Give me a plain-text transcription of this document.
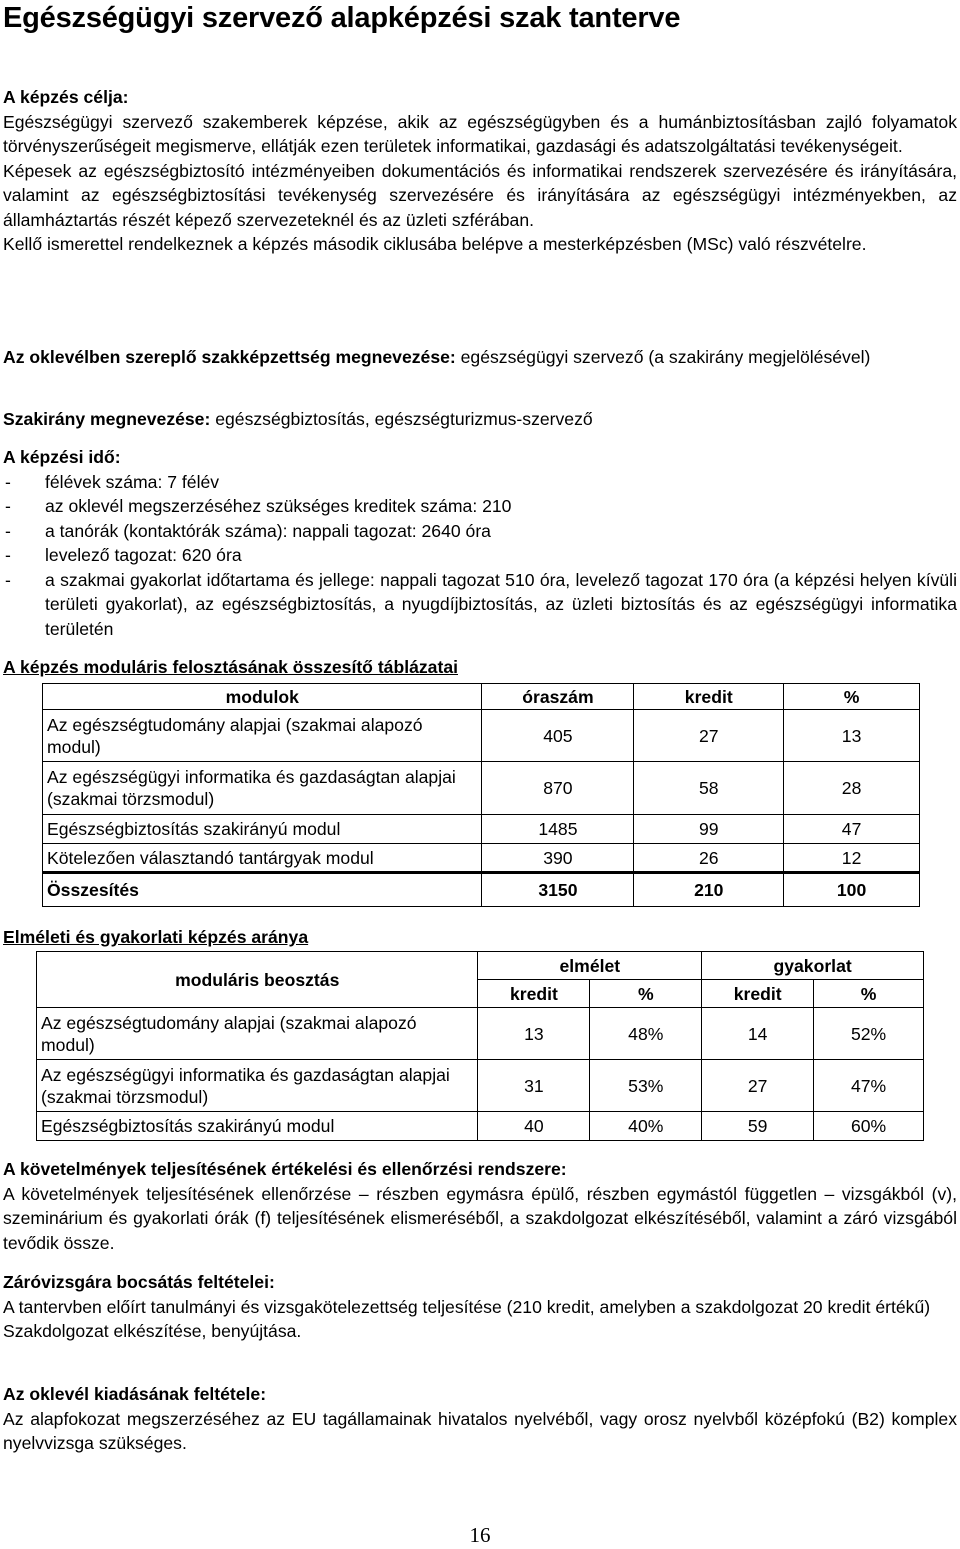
Egészségügyi szervező alapképzési szak tanterve
A képzés célja:
Egészségügyi szervező szakemberek képzése, akik az egészségügyben és a humánbiztosításban zajló folyamatok törvényszerűségeit megismerve, ellátják ezen területek informatikai, gazdasági és adatszolgáltatási tevékenységeit.
Képesek az egészségbiztosító intézményeiben dokumentációs és informatikai rendszerek szervezésére és irányítására, valamint az egészségbiztosítási tevékenység szervezésére és irányítására az egészségügyi intézményekben, az államháztartás részét képező szervezeteknél és az üzleti szférában.
Kellő ismerettel rendelkeznek a képzés második ciklusába belépve a mesterképzésben (MSc) való részvételre.
Az oklevélben szereplő szakképzettség megnevezése: egészségügyi szervező (a szakirány megjelölésével)
Szakirány megnevezése: egészségbiztosítás, egészségturizmus-szervező
A képzési idő:
- félévek száma: 7 félév
- az oklevél megszerzéséhez szükséges kreditek száma: 210
- a tanórák (kontaktórák száma): nappali tagozat: 2640 óra
- levelező tagozat: 620 óra
- a szakmai gyakorlat időtartama és jellege: nappali tagozat 510 óra, levelező tagozat 170 óra (a képzési helyen kívüli területi gyakorlat), az egészségbiztosítás, a nyugdíjbiztosítás, az üzleti biztosítás és az egészségügyi informatika területén
A képzés moduláris felosztásának összesítő táblázatai
modulok	óraszám	kredit	%
Az egészségtudomány alapjai (szakmai alapozó modul)	405	27	13
Az egészségügyi informatika és gazdaságtan alapjai (szakmai törzsmodul)	870	58	28
Egészségbiztosítás szakirányú modul	1485	99	47
Kötelezően választandó tantárgyak modul	390	26	12
Összesítés	3150	210	100
Elméleti és gyakorlati képzés aránya
moduláris beosztás	elmélet		gyakorlat	
	kredit	%	kredit	%
Az egészségtudomány alapjai (szakmai alapozó modul)	13	48%	14	52%
Az egészségügyi informatika és gazdaságtan alapjai (szakmai törzsmodul)	31	53%	27	47%
Egészségbiztosítás szakirányú modul	40	40%	59	60%
A követelmények teljesítésének értékelési és ellenőrzési rendszere:
A követelmények teljesítésének ellenőrzése – részben egymásra épülő, részben egymástól független – vizsgákból (v), szeminárium és gyakorlati órák (f) teljesítésének elismeréséből, a szakdolgozat elkészítéséből, valamint a záró vizsgából tevődik össze.
Záróvizsgára bocsátás feltételei:
A tantervben előírt tanulmányi és vizsgakötelezettség teljesítése (210 kredit, amelyben a szakdolgozat 20 kredit értékű)
Szakdolgozat elkészítése, benyújtása.
Az oklevél kiadásának feltétele:
Az alapfokozat megszerzéséhez az EU tagállamainak hivatalos nyelvéből, vagy orosz nyelvből középfokú (B2) komplex nyelvvizsga szükséges.
16
